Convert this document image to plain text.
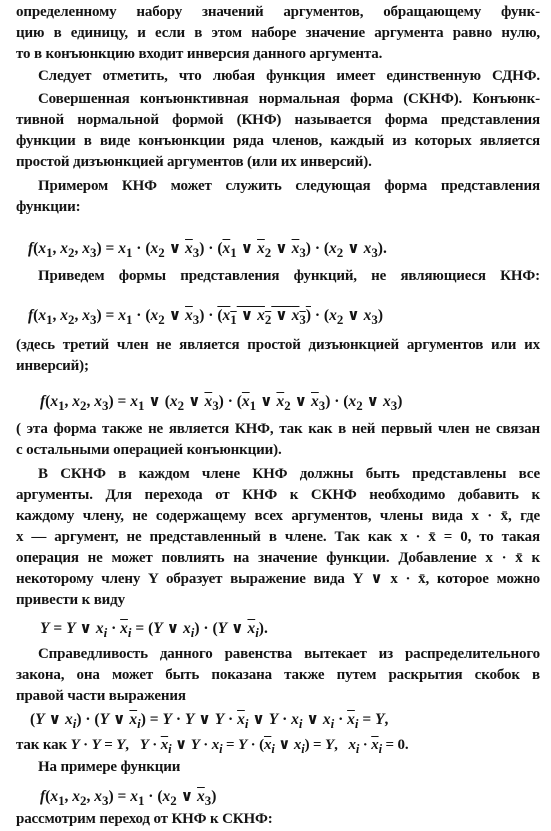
определенному набору значений аргументов, обращающему функ-
цию в единицу, и если в этом наборе значение аргумента равно нулю,
то в конъюнкцию входит инверсия данного аргумента.
Следует отметить, что любая функция имеет единственную СДНФ.
Совершенная конъюнктивная нормальная форма (СКНФ). Конъюнк-
тивной нормальной формой (КНФ) называется форма представления
функции в виде конъюнкции ряда членов, каждый из которых является
простой дизъюнкцией аргументов (или их инверсий).
Примером КНФ может служить следующая форма представления
функции:
$f(x_1$, $x_2$, $x_3) = x_1 \cdot (x_2$ ∨ $\overline{x}_3) \cdot (\overline{x}_1$ ∨ $\overline{x}_2$ ∨ $\overline{x}_3) \cdot (x_2$ ∨ $x_3$).
Приведем формы представления функций, не являющиеся КНФ:
$f(x_1$, $x_2$, $x_3) = x_1 \cdot (x_2$ ∨ $\overline{x}_3) \cdot (x_1$ ∨ $x_2$ ∨ $x_3) \cdot (x_2$ ∨ $x_3$)
(здесь третий член не является простой дизъюнкцией аргументов или их
инверсий);
$f(x_1$, $x_2$, $x_3) = x_1$ ∨ ($x_2$ ∨ $\overline{x}_3) \cdot (\overline{x}_1$ ∨ $\overline{x}_2$ ∨ $\overline{x}_3) \cdot (x_2$ ∨ $x_3$)
( эта форма также не является КНФ, так как в ней первый член не связан
с остальными операцией конъюнкции).
В СКНФ в каждом члене КНФ должны быть представлены все
аргументы. Для перехода от КНФ к СКНФ необходимо добавить к
каждому члену, не содержащему всех аргументов, члены вида x · x̄, где
x — аргумент, не представленный в члене. Так как x · x̄ = 0, то такая
операция не может повлиять на значение функции. Добавление x · x̄ к
некоторому члену Y образует выражение вида Y ∨ x · x̄, которое можно
привести к виду
Y = Y ∨ $x_i \cdot \overline{x}_i = (Y$ ∨ $x_i) \cdot (Y$ ∨ $\overline{x}_i$).
Справедливость данного равенства вытекает из распределительного
закона, она может быть показана также путем раскрытия скобок в
правой части выражения
(Y ∨ $x_i) \cdot (Y$ ∨ $\overline{x}_i) = Y \cdot Y$ ∨ $Y \cdot \overline{x}_i$ ∨ $Y \cdot x_i$ ∨ $x_i \cdot \overline{x}_i = Y$,
так как Y · Y = Y,   $Y \cdot \overline{x}_i$ ∨ $Y \cdot x_i = Y \cdot (\overline{x}_i$ ∨ $x_i) = Y$,   $x_i \cdot \overline{x}_i = 0$.
На примере функции
$f(x_1$, $x_2$, $x_3) = x_1 \cdot (x_2$ ∨ $\overline{x}_3$)
рассмотрим переход от КНФ к СКНФ:
